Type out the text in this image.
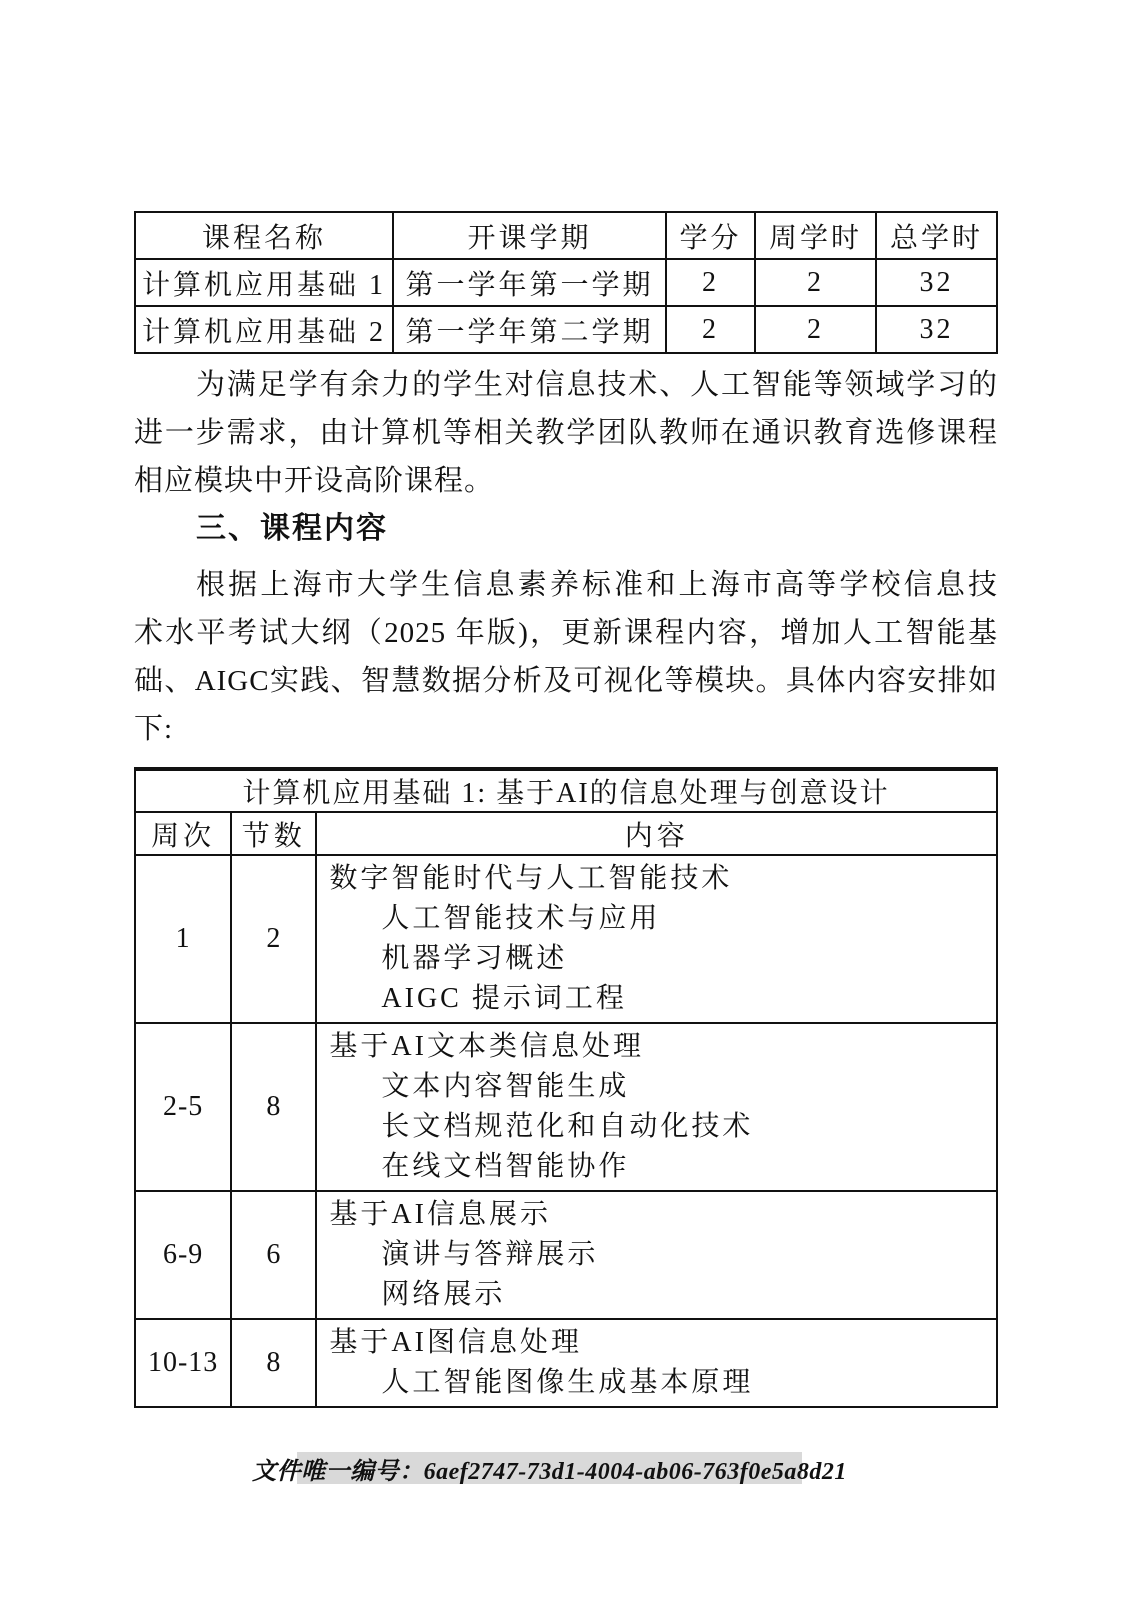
课程名称	开课学期	学分	周学时	总学时
计算机应用基础 1	第一学年第一学期	2	2	32
计算机应用基础 2	第一学年第二学期	2	2	32
为满足学有余力的学生对信息技术、人工智能等领域学习的
进一步需求，由计算机等相关教学团队教师在通识教育选修课程
相应模块中开设高阶课程。
三、课程内容
根据上海市大学生信息素养标准和上海市高等学校信息技
术水平考试大纲（2025 年版)，更新课程内容，增加人工智能基
础、AIGC实践、智慧数据分析及可视化等模块。具体内容安排如
下:
计算机应用基础 1: 基于AI的信息处理与创意设计		
周次	节数	内容
1	2	数字智能时代与人工智能技术
人工智能技术与应用
机器学习概述
AIGC 提示词工程

2-5	8	基于AI文本类信息处理
文本内容智能生成
长文档规范化和自动化技术
在线文档智能协作

6-9	6	基于AI信息展示
演讲与答辩展示
网络展示

10-13	8	基于AI图信息处理
人工智能图像生成基本原理
文件唯一编号：6aef2747-73d1-4004-ab06-763f0e5a8d21
